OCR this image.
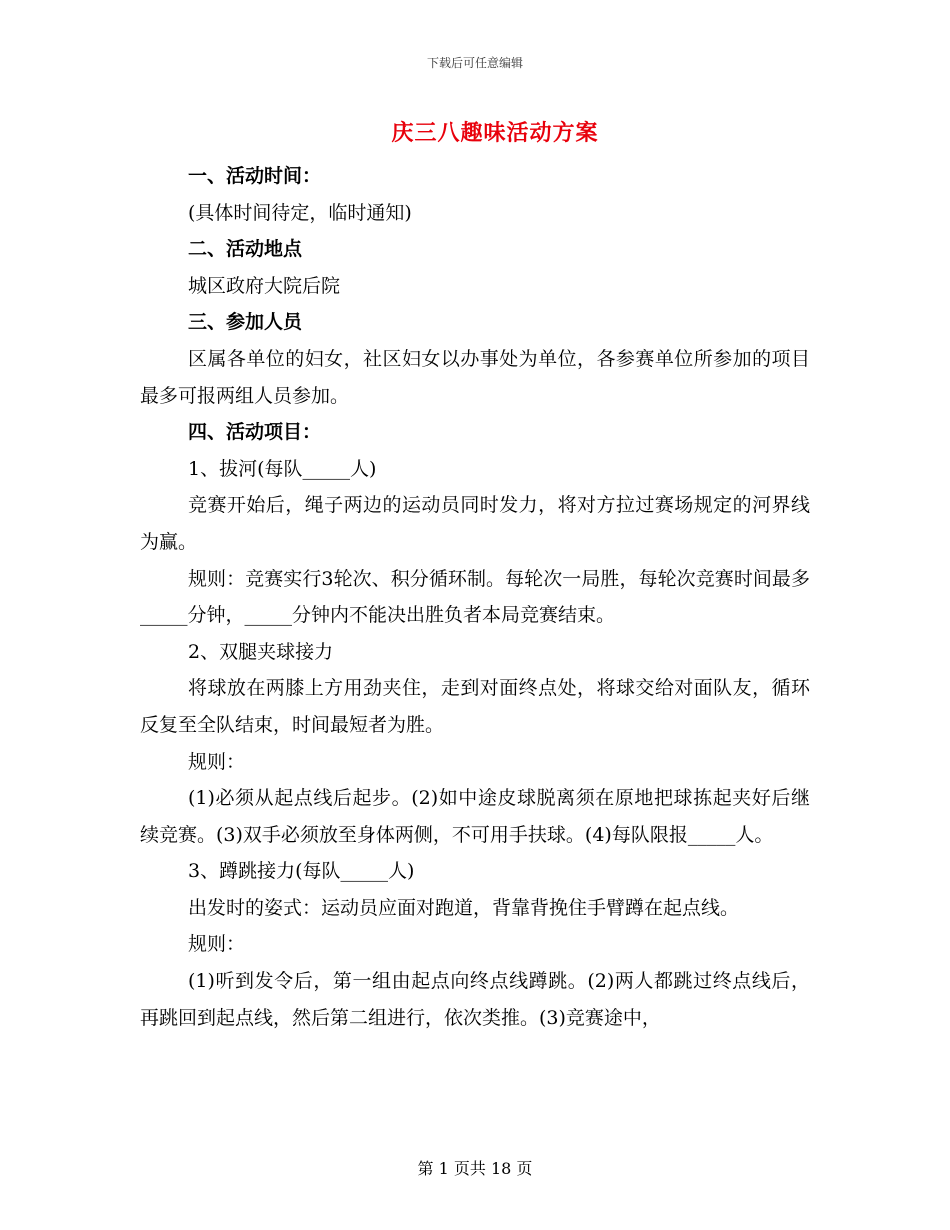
下载后可任意编辑
庆三八趣味活动方案

一、活动时间：

(具体时间待定，临时通知)

二、活动地点

城区政府大院后院

三、参加人员

区属各单位的妇女，社区妇女以办事处为单位，各参赛单位所参加的项目最多可报两组人员参加。

四、活动项目：

1、拔河(每队_____人)

竞赛开始后，绳子两边的运动员同时发力，将对方拉过赛场规定的河界线为赢。

规则：竞赛实行3轮次、积分循环制。每轮次一局胜，每轮次竞赛时间最多_____分钟，_____分钟内不能决出胜负者本局竞赛结束。

2、双腿夹球接力

将球放在两膝上方用劲夹住，走到对面终点处，将球交给对面队友，循环反复至全队结束，时间最短者为胜。

规则：

(1)必须从起点线后起步。(2)如中途皮球脱离须在原地把球拣起夹好后继续竞赛。(3)双手必须放至身体两侧，不可用手扶球。(4)每队限报_____人。

3、蹲跳接力(每队_____人)

出发时的姿式：运动员应面对跑道，背靠背挽住手臂蹲在起点线。

规则：

(1)听到发令后，第一组由起点向终点线蹲跳。(2)两人都跳过终点线后，再跳回到起点线，然后第二组进行，依次类推。(3)竞赛途中，

第 1 页共 18 页
